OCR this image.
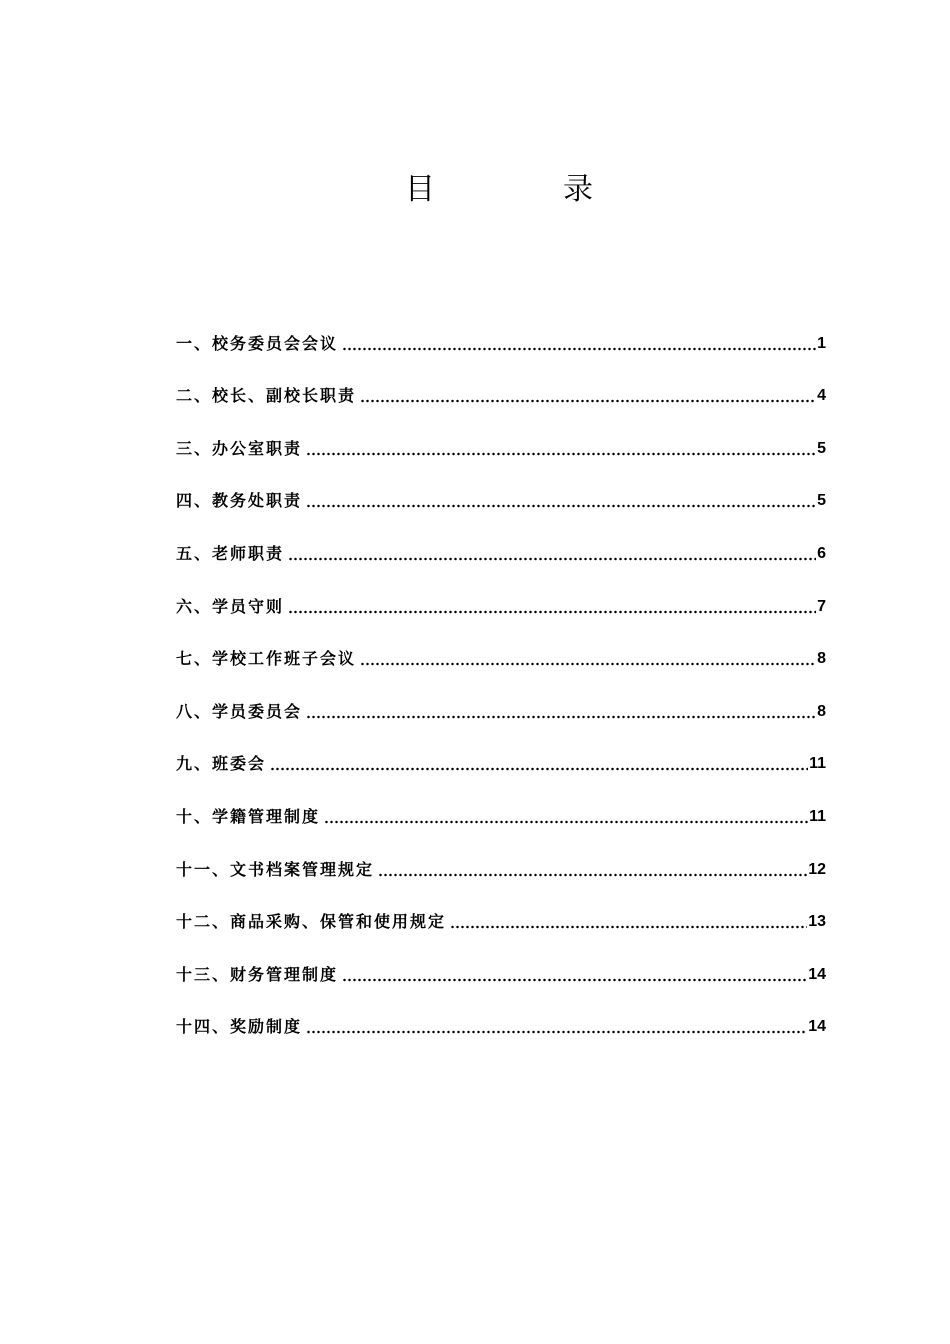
目	录
一、校务委员会会议	1
二、校长、副校长职责	4
三、办公室职责	5
四、教务处职责	5
五、老师职责	6
六、学员守则	7
七、学校工作班子会议	8
八、学员委员会	8
九、班委会	11
十、学籍管理制度	11
十一、文书档案管理规定	12
十二、商品采购、保管和使用规定	13
十三、财务管理制度	14
十四、奖励制度	14
